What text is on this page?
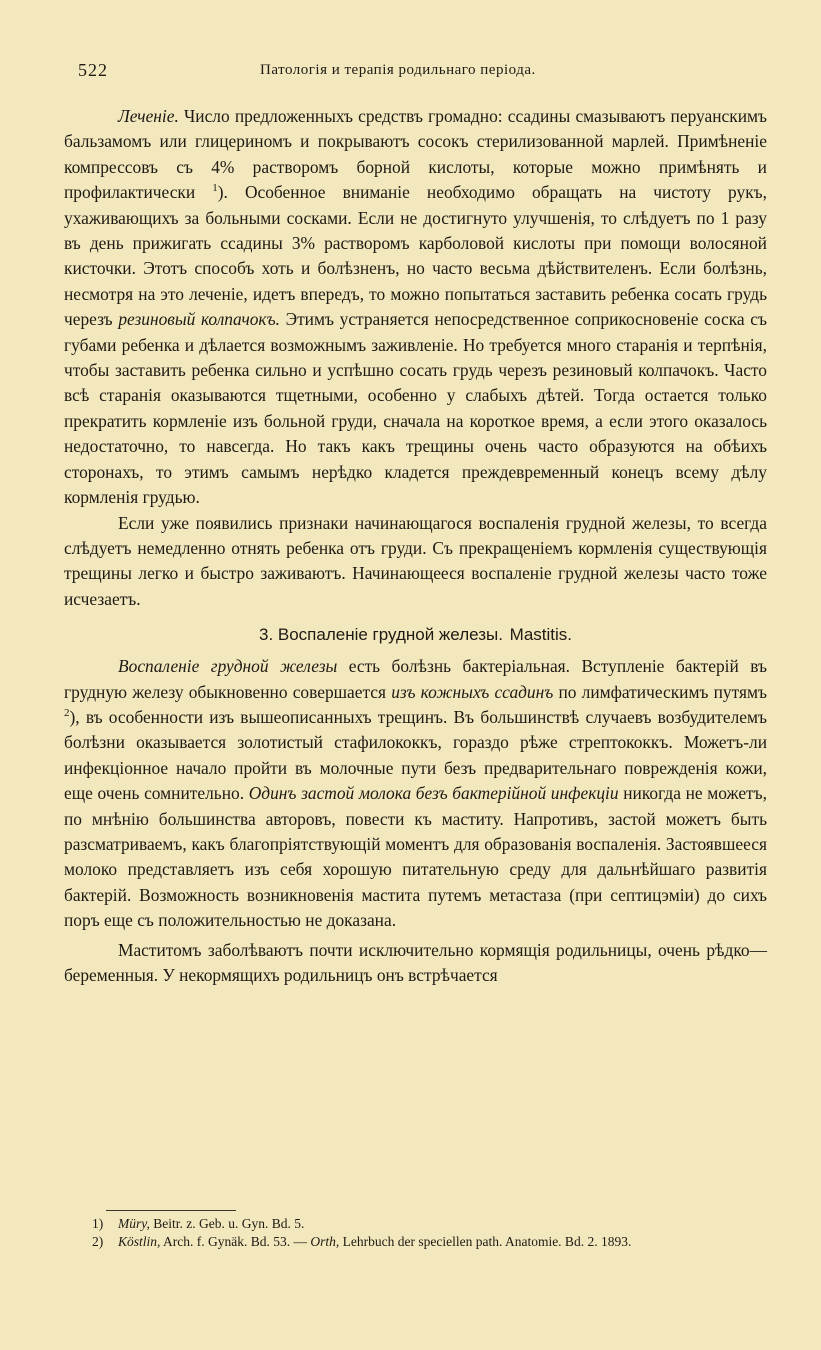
522	Патологія и терапія родильнаго періода.

Леченіе. Число предложенныхъ средствъ громадно: ссадины смазываютъ перуанскимъ бальзамомъ или глицериномъ и покрываютъ сосокъ стерилизованной марлей. Примѣненіе компрессовъ съ 4% растворомъ борной кислоты, которые можно примѣнять и профилактически $^1$). Особенное вниманіе необходимо обращать на чистоту рукъ, ухаживающихъ за больными сосками. Если не достигнуто улучшенія, то слѣдуетъ по 1 разу въ день прижигать ссадины 3% растворомъ карболовой кислоты при помощи волосяной кисточки. Этотъ способъ хоть и болѣзненъ, но часто весьма дѣйствителенъ. Если болѣзнь, несмотря на это леченіе, идетъ впередъ, то можно попытаться заставить ребенка сосать грудь черезъ резиновый колпачокъ. Этимъ устраняется непосредственное соприкосновеніе соска съ губами ребенка и дѣлается возможнымъ заживленіе. Но требуется много старанія и терпѣнія, чтобы заставить ребенка сильно и успѣшно сосать грудь черезъ резиновый колпачокъ. Часто всѣ старанія оказываются тщетными, особенно у слабыхъ дѣтей. Тогда остается только прекратить кормленіе изъ больной груди, сначала на короткое время, а если этого оказалось недостаточно, то навсегда. Но такъ какъ трещины очень часто образуются на обѣихъ сторонахъ, то этимъ самымъ нерѣдко кладется преждевременный конецъ всему дѣлу кормленія грудью.

Если уже появились признаки начинающагося воспаленія грудной железы, то всегда слѣдуетъ немедленно отнять ребенка отъ груди. Съ прекращеніемъ кормленія существующія трещины легко и быстро заживаютъ. Начинающееся воспаленіе грудной железы часто тоже исчезаетъ.

3. Воспаленіе грудной железы. Mastitis.

Воспаленіе грудной железы есть болѣзнь бактеріальная. Вступленіе бактерій въ грудную железу обыкновенно совершается изъ кожныхъ ссадинъ по лимфатическимъ путямъ $^2$), въ особенности изъ вышеописанныхъ трещинъ. Въ большинствѣ случаевъ возбудителемъ болѣзни оказывается золотистый стафилококкъ, гораздо рѣже стрептококкъ. Можетъ-ли инфекціонное начало пройти въ молочные пути безъ предварительнаго поврежденія кожи, еще очень сомнительно. Одинъ застой молока безъ бактерійной инфекціи никогда не можетъ, по мнѣнію большинства авторовъ, повести къ маститу. Напротивъ, застой можетъ быть разсматриваемъ, какъ благопріятствующій моментъ для образованія воспаленія. Застоявшееся молоко представляетъ изъ себя хорошую питательную среду для дальнѣйшаго развитія бактерій. Возможность возникновенія мастита путемъ метастаза (при септицэміи) до сихъ поръ еще съ положительностью не доказана.

Маститомъ заболѣваютъ почти исключительно кормящія родильницы, очень рѣдко—беременныя. У некормящихъ родильницъ онъ встрѣчается

1) Müry, Beitr. z. Geb. u. Gyn. Bd. 5.

2) Köstlin, Arch. f. Gynäk. Bd. 53. — Orth, Lehrbuch der speciellen path. Anatomie. Bd. 2. 1893.
